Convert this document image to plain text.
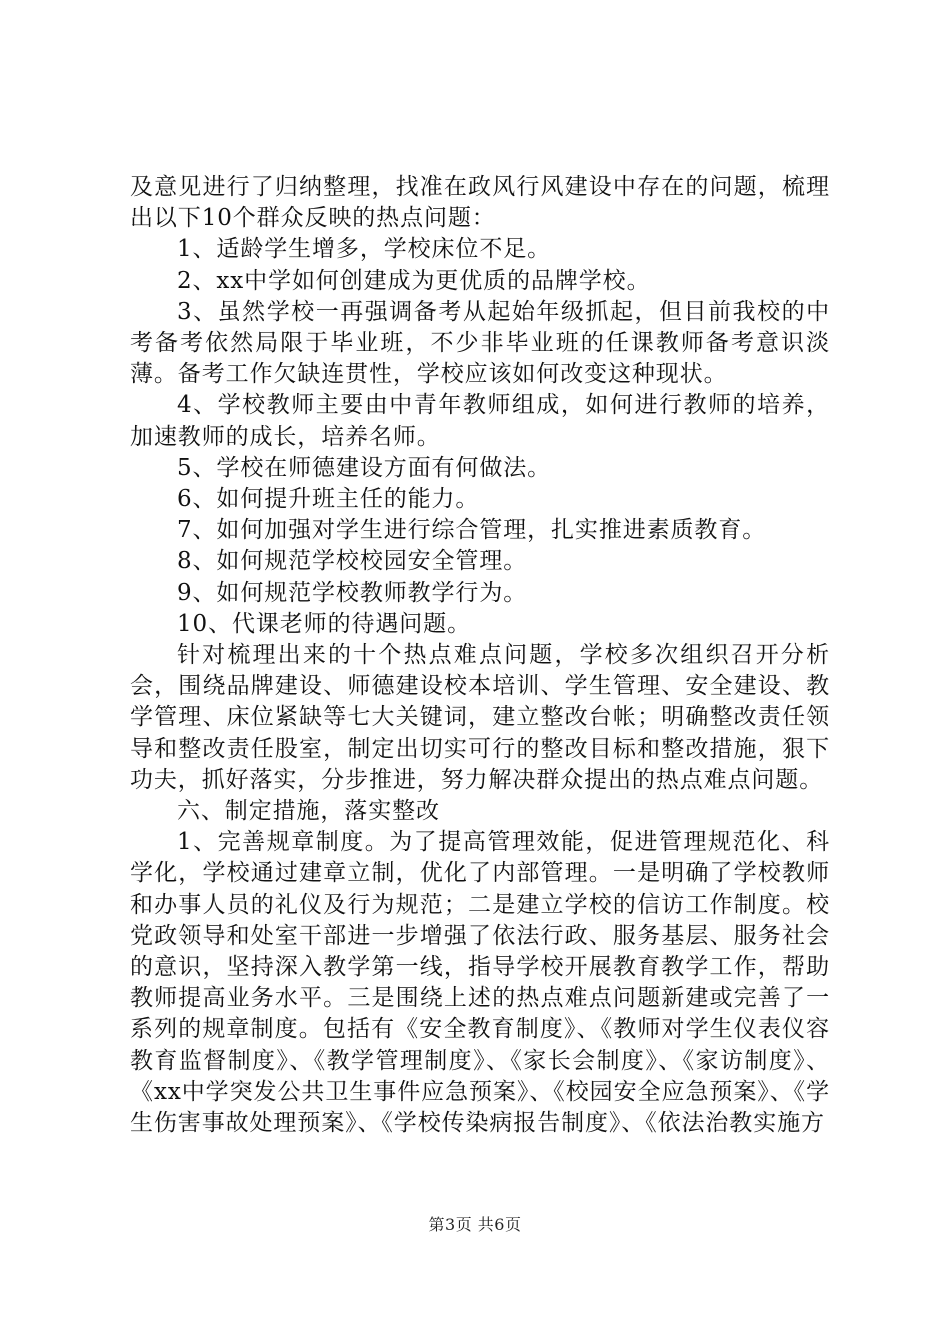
及意见进行了归纳整理，找准在政风行风建设中存在的问题，梳理出以下10个群众反映的热点问题：

1、适龄学生增多，学校床位不足。

2、xx中学如何创建成为更优质的品牌学校。

3、虽然学校一再强调备考从起始年级抓起，但目前我校的中考备考依然局限于毕业班，不少非毕业班的任课教师备考意识淡薄。备考工作欠缺连贯性，学校应该如何改变这种现状。

4、学校教师主要由中青年教师组成，如何进行教师的培养，加速教师的成长，培养名师。

5、学校在师德建设方面有何做法。

6、如何提升班主任的能力。

7、如何加强对学生进行综合管理，扎实推进素质教育。

8、如何规范学校校园安全管理。

9、如何规范学校教师教学行为。

10、代课老师的待遇问题。

针对梳理出来的十个热点难点问题，学校多次组织召开分析会，围绕品牌建设、师德建设校本培训、学生管理、安全建设、教学管理、床位紧缺等七大关键词，建立整改台帐；明确整改责任领导和整改责任股室，制定出切实可行的整改目标和整改措施，狠下功夫，抓好落实，分步推进，努力解决群众提出的热点难点问题。

六、制定措施，落实整改

1、完善规章制度。为了提高管理效能，促进管理规范化、科学化，学校通过建章立制，优化了内部管理。一是明确了学校教师和办事人员的礼仪及行为规范；二是建立学校的信访工作制度。校党政领导和处室干部进一步增强了依法行政、服务基层、服务社会的意识，坚持深入教学第一线，指导学校开展教育教学工作，帮助教师提高业务水平。三是围绕上述的热点难点问题新建或完善了一系列的规章制度。包括有《安全教育制度》、《教师对学生仪表仪容教育监督制度》、《教学管理制度》、《家长会制度》、《家访制度》、《xx中学突发公共卫生事件应急预案》、《校园安全应急预案》、《学生伤害事故处理预案》、《学校传染病报告制度》、《依法治教实施方

第3页 共6页
